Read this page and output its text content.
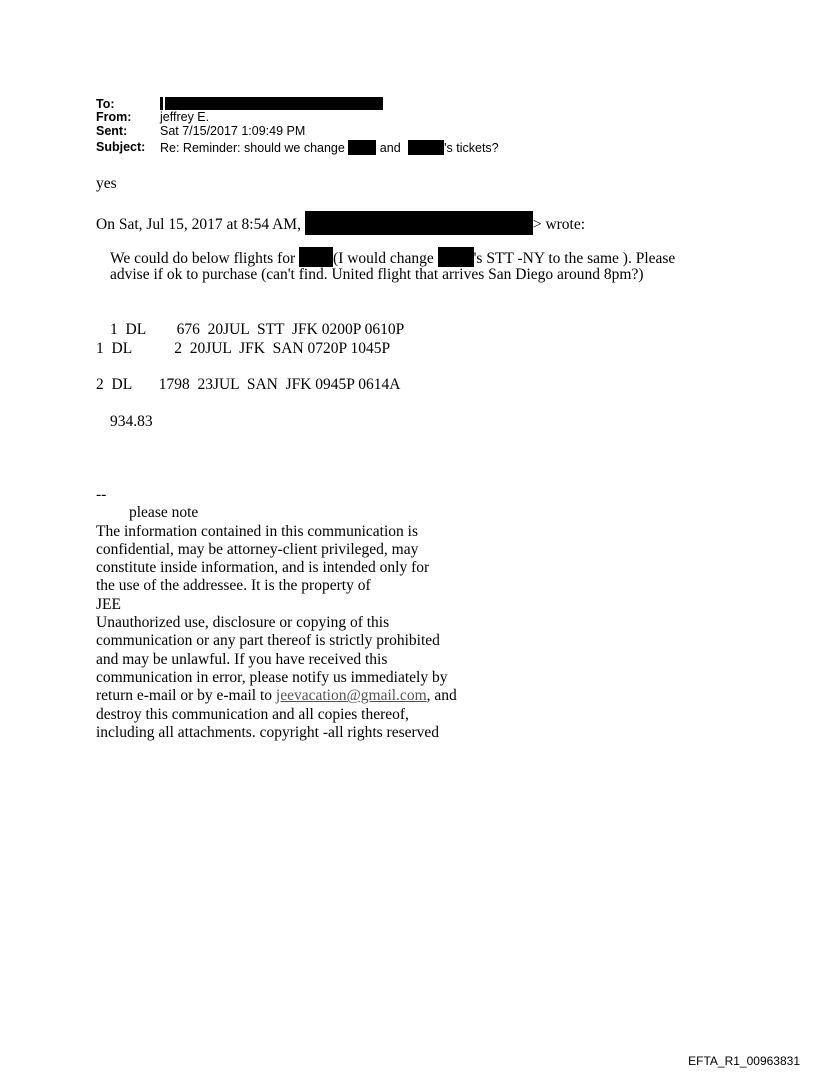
To:
From: jeffrey E.
Sent:	Sat 7/15/2017 1:09:49 PM
Subject: Re: Reminder: should we change	and	's tickets?
yes
On Sat, Jul 15, 2017 at 8:54 AM,	> wrote:
We could do below flights for (I would change	's STT -NY to the same ). Please
advise if ok to purchase (can't find. United flight that arrives San Diego around 8pm?)
1  DL        676  20JUL  STT  JFK 0200P 0610P
1  DL           2  20JUL  JFK  SAN 0720P 1045P
2  DL       1798  23JUL  SAN  JFK 0945P 0614A
934.83
--
please note
The information contained in this communication is
confidential, may be attorney-client privileged, may
constitute inside information, and is intended only for
the use of the addressee. It is the property of
JEE
Unauthorized use, disclosure or copying of this
communication or any part thereof is strictly prohibited
and may be unlawful. If you have received this
communication in error, please notify us immediately by
return e-mail or by e-mail to jeevacation@gmail.com, and
destroy this communication and all copies thereof,
including all attachments. copyright -all rights reserved
EFTA_R1_00963831
